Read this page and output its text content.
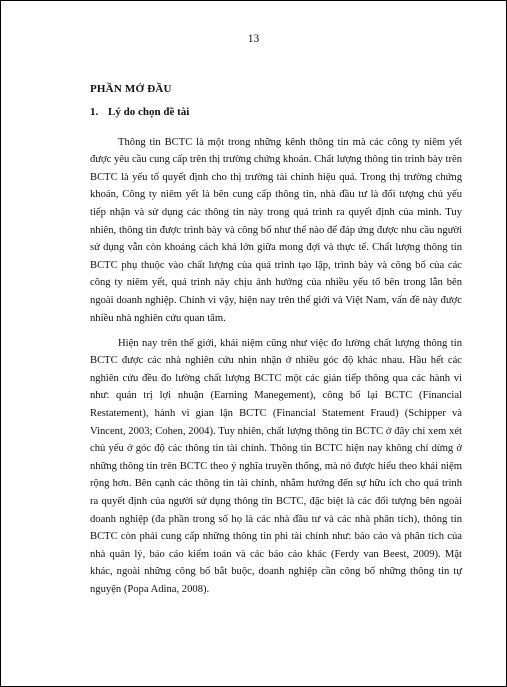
13
PHẦN MỞ ĐẦU
1. Lý do chọn đề tài

Thông tin BCTC là một trong những kênh thông tin mà các công ty niêm yết được yêu cầu cung cấp trên thị trường chứng khoán. Chất lượng thông tin trình bày trên BCTC là yếu tố quyết định cho thị trường tài chính hiệu quả. Trong thị trường chứng khoán, Công ty niêm yết là bên cung cấp thông tin, nhà đầu tư là đối tượng chủ yếu tiếp nhận và sử dụng các thông tin này trong quá trình ra quyết định của mình. Tuy nhiên, thông tin được trình bày và công bố như thế nào để đáp ứng được nhu cầu người sử dụng vẫn còn khoảng cách khá lớn giữa mong đợi và thực tế. Chất lượng thông tin BCTC phụ thuộc vào chất lượng của quá trình tạo lập, trình bày và công bố của các công ty niêm yết, quá trình này chịu ảnh hưởng của nhiều yếu tố bên trong lẫn bên ngoài doanh nghiệp. Chính vì vậy, hiện nay trên thế giới và Việt Nam, vấn đề này được nhiều nhà nghiên cứu quan tâm.

Hiện nay trên thế giới, khái niệm cũng như việc đo lường chất lượng thông tin BCTC được các nhà nghiên cứu nhìn nhận ở nhiều góc độ khác nhau. Hầu hết các nghiên cứu đều đo lường chất lượng BCTC một các gián tiếp thông qua các hành vi như: quản trị lợi nhuận (Earning Manegement), công bố lại BCTC (Financial Restatement), hành vi gian lận BCTC (Financial Statement Fraud) (Schipper và Vincent, 2003; Cohen, 2004). Tuy nhiên, chất lượng thông tin BCTC ở đây chỉ xem xét chủ yếu ở góc độ các thông tin tài chính. Thông tin BCTC hiện nay không chỉ dừng ở những thông tin trên BCTC theo ý nghĩa truyền thống, mà nó được hiểu theo khái niệm rộng hơn. Bên cạnh các thông tin tài chính, nhằm hướng đến sự hữu ích cho quá trình ra quyết định của người sử dụng thông tin BCTC, đặc biệt là các đối tượng bên ngoài doanh nghiệp (đa phần trong số họ là các nhà đầu tư và các nhà phân tích), thông tin BCTC còn phải cung cấp những thông tin phi tài chính như: báo cáo và phân tích của nhà quản lý, báo cáo kiểm toán và các báo cáo khác (Ferdy van Beest, 2009). Mặt khác, ngoài những công bố bắt buộc, doanh nghiệp cần công bố những thông tin tự nguyện (Popa Adina, 2008).
